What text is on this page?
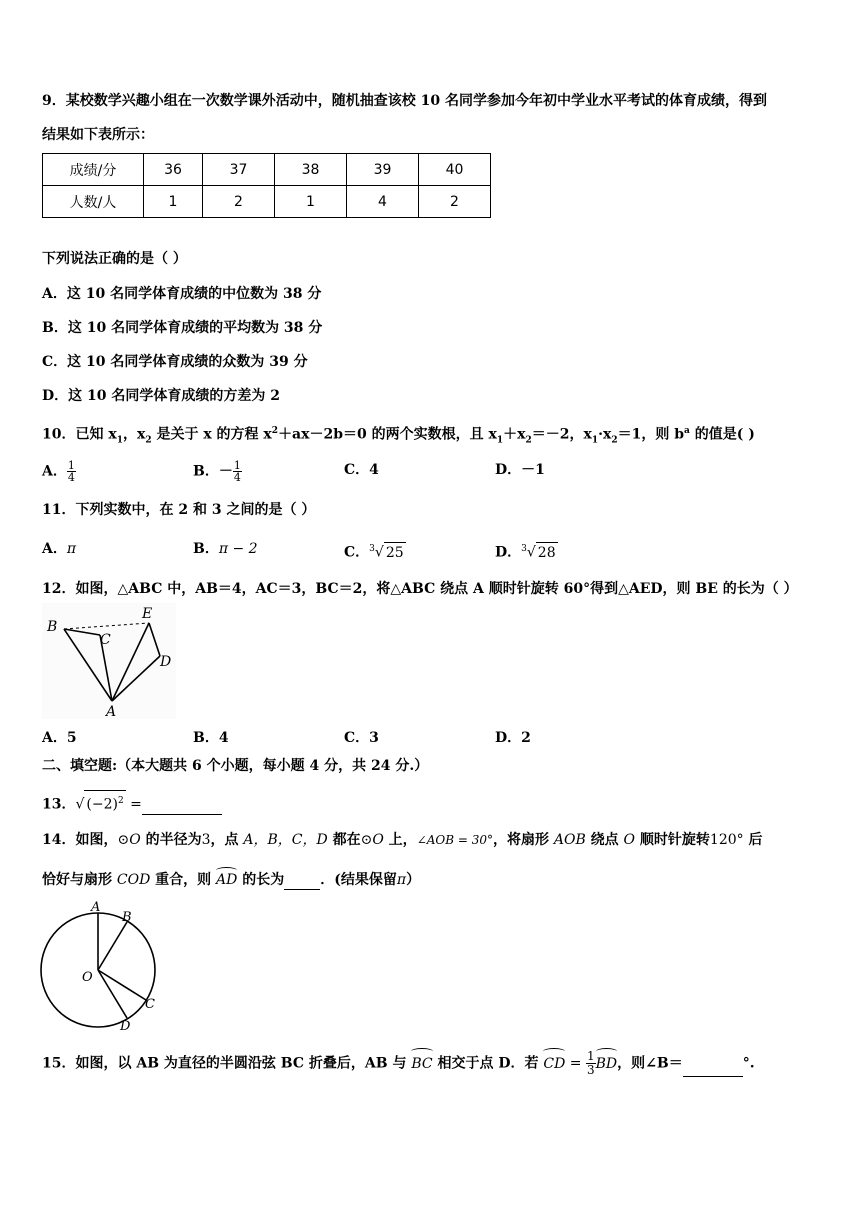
9．某校数学兴趣小组在一次数学课外活动中，随机抽查该校 10 名同学参加今年初中学业水平考试的体育成绩，得到
结果如下表所示：
成绩/分	36	37	38	39	40
人数/人	1	2	1	4	2
下列说法正确的是（ ）
A．这 10 名同学体育成绩的中位数为 38 分
B．这 10 名同学体育成绩的平均数为 38 分
C．这 10 名同学体育成绩的众数为 39 分
D．这 10 名同学体育成绩的方差为 2
10．已知 $x_1$，$x_2$ 是关于 x 的方程 $x^2+ax-2b=0$ 的两个实数根，且 $x_1+x_2=-2$，$x_1\cdot x_2=1$，则 $b^a$ 的值是( )
A． $\frac{1}{4}$	B．－ $\frac{1}{4}$	C．4	D．－1
11．下列实数中，在 2 和 3 之间的是（ ）
A．π	B．π − 2	C．$^3$√ 25	D．$^3$√ 28
12．如图，△ABC 中，AB＝4，AC＝3，BC＝2，将△ABC 绕点 A 顺时针旋转 60°得到△AED，则 BE 的长为（ ）
B
C
E
D
A
A．5	B．4	C．3	D．2
二、填空题:（本大题共 6 个小题，每小题 4 分，共 24 分.）
13．√ $(-2)^2$ =
14．如图，⊙O 的半径为3，点 A，B，C，D 都在⊙O 上，∠AOB = 30°，将扇形 AOB 绕点 O 顺时针旋转120° 后
恰好与扇形 COD 重合，则 AD 的长为	．(结果保留π）
A
B
O
C
D
15．如图，以 AB 为直径的半圆沿弦 BC 折叠后，AB 与 BC 相交于点 D．若 CD = $\frac{1}{3}$ BD，则∠B＝	°.
